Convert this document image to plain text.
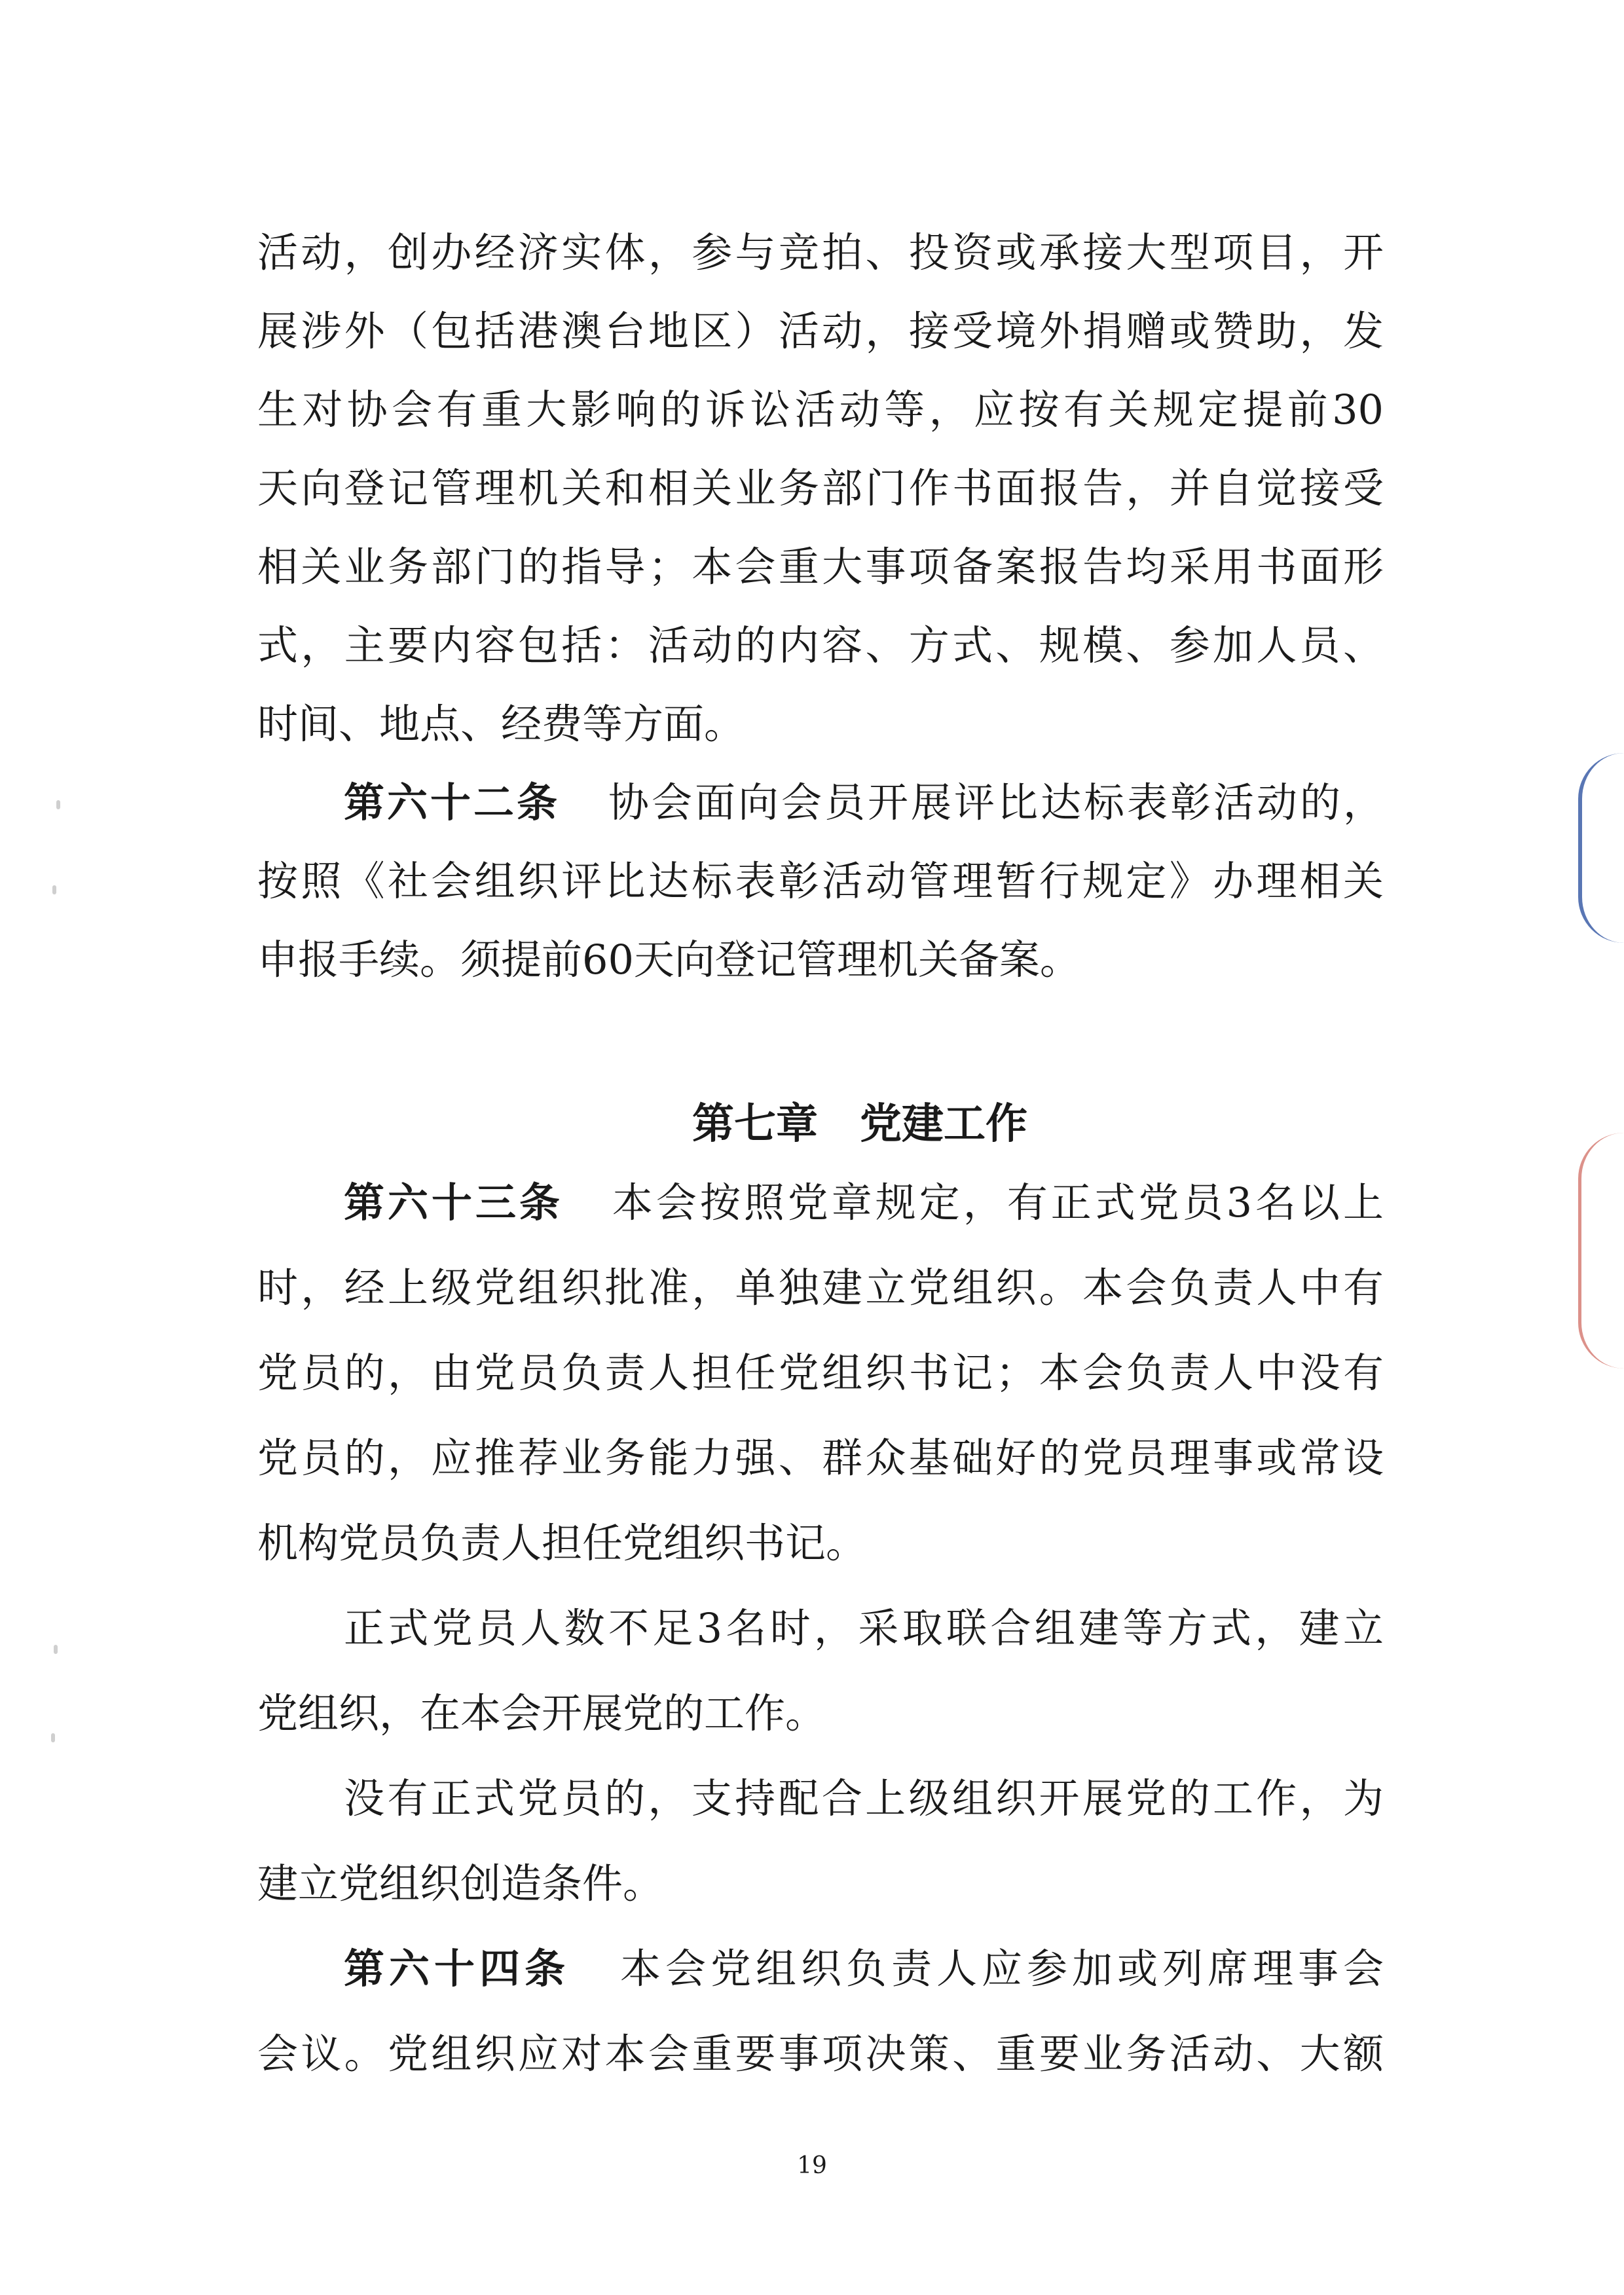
活动，创办经济实体，参与竞拍、投资或承接大型项目，开
展涉外（包括港澳台地区）活动，接受境外捐赠或赞助，发
生对协会有重大影响的诉讼活动等，应按有关规定提前30
天向登记管理机关和相关业务部门作书面报告，并自觉接受
相关业务部门的指导；本会重大事项备案报告均采用书面形
式，主要内容包括：活动的内容、方式、规模、参加人员、
时间、地点、经费等方面。
第六十二条 协会面向会员开展评比达标表彰活动的，
按照《社会组织评比达标表彰活动管理暂行规定》办理相关
申报手续。须提前60天向登记管理机关备案。
第七章 党建工作
第六十三条 本会按照党章规定，有正式党员3名以上
时，经上级党组织批准，单独建立党组织。本会负责人中有
党员的，由党员负责人担任党组织书记；本会负责人中没有
党员的，应推荐业务能力强、群众基础好的党员理事或常设
机构党员负责人担任党组织书记。
正式党员人数不足3名时，采取联合组建等方式，建立
党组织，在本会开展党的工作。
没有正式党员的，支持配合上级组织开展党的工作，为
建立党组织创造条件。
第六十四条 本会党组织负责人应参加或列席理事会
会议。党组织应对本会重要事项决策、重要业务活动、大额
19
